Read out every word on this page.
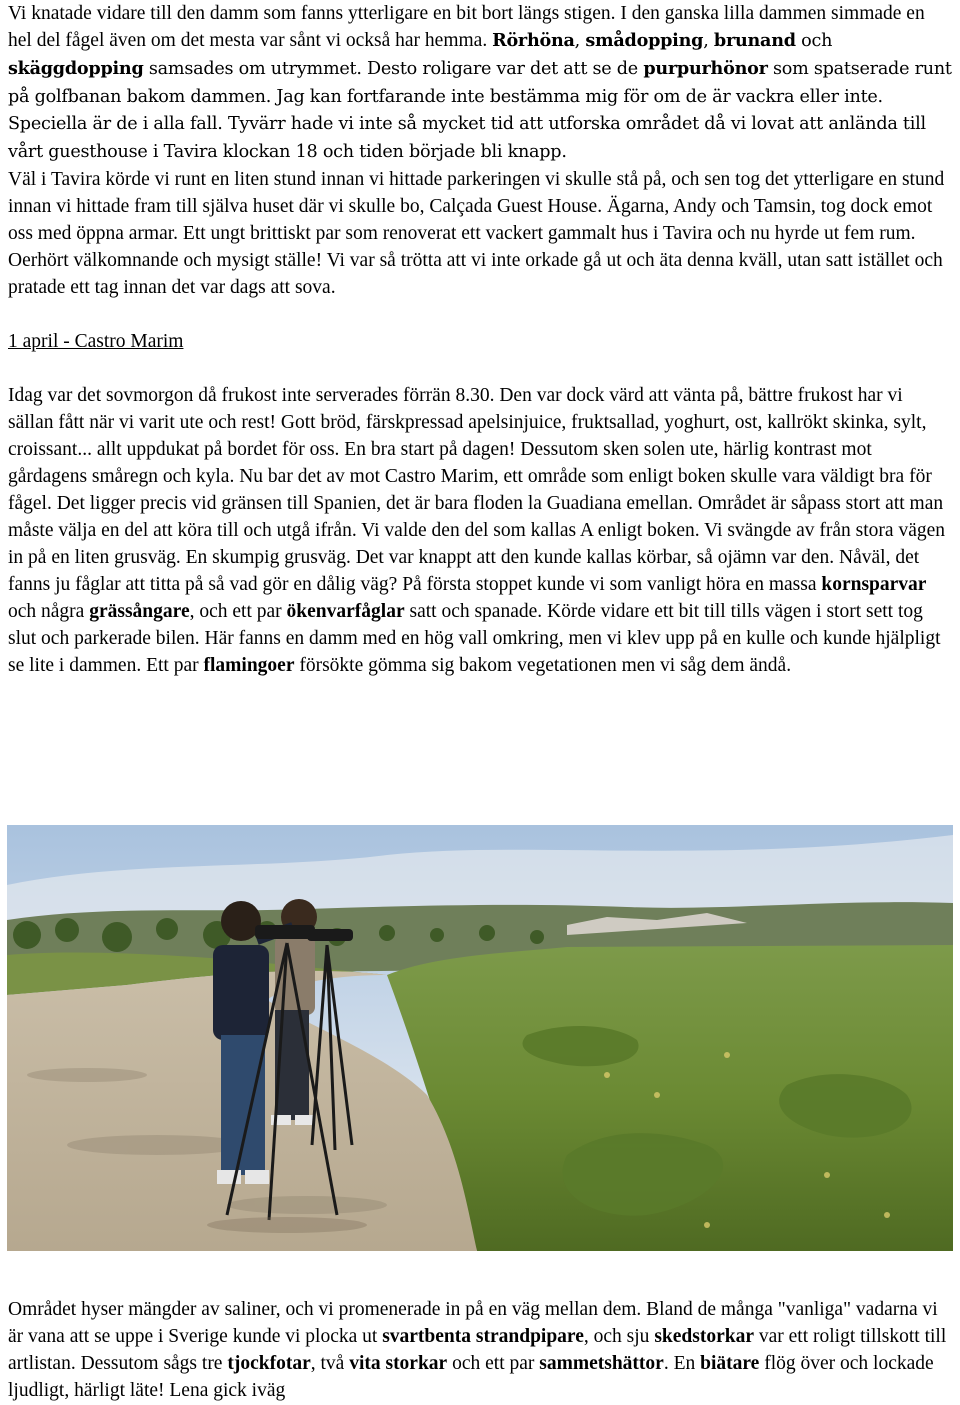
Vi knatade vidare till den damm som fanns ytterligare en bit bort längs stigen. I den ganska lilla dammen simmade en hel del fågel även om det mesta var sånt vi också har hemma. Rörhöna, smådopping, brunand och skäggdopping samsades om utrymmet. Desto roligare var det att se de purpurhönor som spatserade runt på golfbanan bakom dammen. Jag kan fortfarande inte bestämma mig för om de är vackra eller inte. Speciella är de i alla fall. Tyvärr hade vi inte så mycket tid att utforska området då vi lovat att anlända till vårt guesthouse i Tavira klockan 18 och tiden började bli knapp.

Väl i Tavira körde vi runt en liten stund innan vi hittade parkeringen vi skulle stå på, och sen tog det ytterligare en stund innan vi hittade fram till själva huset där vi skulle bo, Calçada Guest House. Ägarna, Andy och Tamsin, tog dock emot oss med öppna armar. Ett ungt brittiskt par som renoverat ett vackert gammalt hus i Tavira och nu hyrde ut fem rum. Oerhört välkomnande och mysigt ställe! Vi var så trötta att vi inte orkade gå ut och äta denna kväll, utan satt istället och pratade ett tag innan det var dags att sova.

1 april - Castro Marim

Idag var det sovmorgon då frukost inte serverades förrän 8.30. Den var dock värd att vänta på, bättre frukost har vi sällan fått när vi varit ute och rest! Gott bröd, färskpressad apelsinjuice, fruktsallad, yoghurt, ost, kallrökt skinka, sylt, croissant... allt uppdukat på bordet för oss. En bra start på dagen! Dessutom sken solen ute, härlig kontrast mot gårdagens småregn och kyla. Nu bar det av mot Castro Marim, ett område som enligt boken skulle vara väldigt bra för fågel. Det ligger precis vid gränsen till Spanien, det är bara floden la Guadiana emellan. Området är såpass stort att man måste välja en del att köra till och utgå ifrån. Vi valde den del som kallas A enligt boken. Vi svängde av från stora vägen in på en liten grusväg. En skumpig grusväg. Det var knappt att den kunde kallas körbar, så ojämn var den. Nåväl, det fanns ju fåglar att titta på så vad gör en dålig väg? På första stoppet kunde vi som vanligt höra en massa kornsparvar och några grässångare, och ett par ökenvarfåglar satt och spanade. Körde vidare ett bit till tills vägen i stort sett tog slut och parkerade bilen. Här fanns en damm med en hög vall omkring, men vi klev upp på en kulle och kunde hjälpligt se lite i dammen. Ett par flamingoer försökte gömma sig bakom vegetationen men vi såg dem ändå.

Området hyser mängder av saliner, och vi promenerade in på en väg mellan dem. Bland de många "vanliga" vadarna vi är vana att se uppe i Sverige kunde vi plocka ut svartbenta strandpipare, och sju skedstorkar var ett roligt tillskott till artlistan. Dessutom sågs tre tjockfotar, två vita storkar och ett par sammetshättor. En biätare flög över och lockade ljudligt, härligt läte! Lena gick iväg
